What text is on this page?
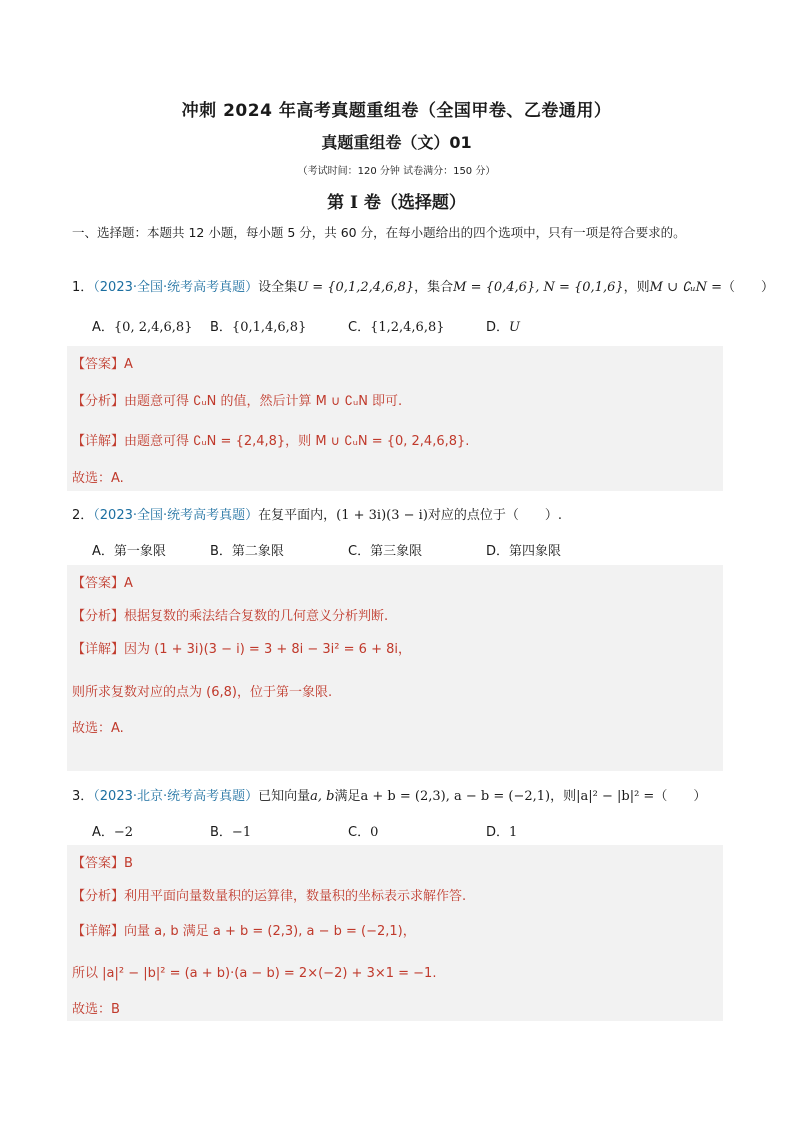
冲刺 2024 年高考真题重组卷（全国甲卷、乙卷通用）
真题重组卷（文）01
（考试时间：120 分钟 试卷满分：150 分）
第 I 卷（选择题）
一、选择题：本题共 12 小题，每小题 5 分，共 60 分，在每小题给出的四个选项中，只有一项是符合要求的。
1．（2023·全国·统考高考真题）设全集U = {0,1,2,4,6,8}，集合M = {0,4,6}, N = {0,1,6}，则M ∪ ∁ᵤN =（　　）
A．{0, 2,4,6,8} B．{0,1,4,6,8}	C．{1,2,4,6,8}	D．U
【答案】A
【分析】由题意可得 ∁ᵤN 的值，然后计算 M ∪ ∁ᵤN 即可.
【详解】由题意可得 ∁ᵤN = {2,4,8}，则 M ∪ ∁ᵤN = {0, 2,4,6,8}.
故选：A.
2．（2023·全国·统考高考真题）在复平面内，(1 + 3i)(3 − i)对应的点位于（　　）.
A．第一象限	B．第二象限	C．第三象限	D．第四象限
【答案】A
【分析】根据复数的乘法结合复数的几何意义分析判断.
【详解】因为 (1 + 3i)(3 − i) = 3 + 8i − 3i² = 6 + 8i，
则所求复数对应的点为 (6,8)，位于第一象限.
故选：A.
3．（2023·北京·统考高考真题）已知向量a, b满足a + b = (2,3), a − b = (−2,1)，则|a|² − |b|² =（　　）
A．−2	B．−1	C．0	D．1
【答案】B
【分析】利用平面向量数量积的运算律，数量积的坐标表示求解作答.
【详解】向量 a, b 满足 a + b = (2,3), a − b = (−2,1)，
所以 |a|² − |b|² = (a + b)·(a − b) = 2×(−2) + 3×1 = −1.
故选：B
